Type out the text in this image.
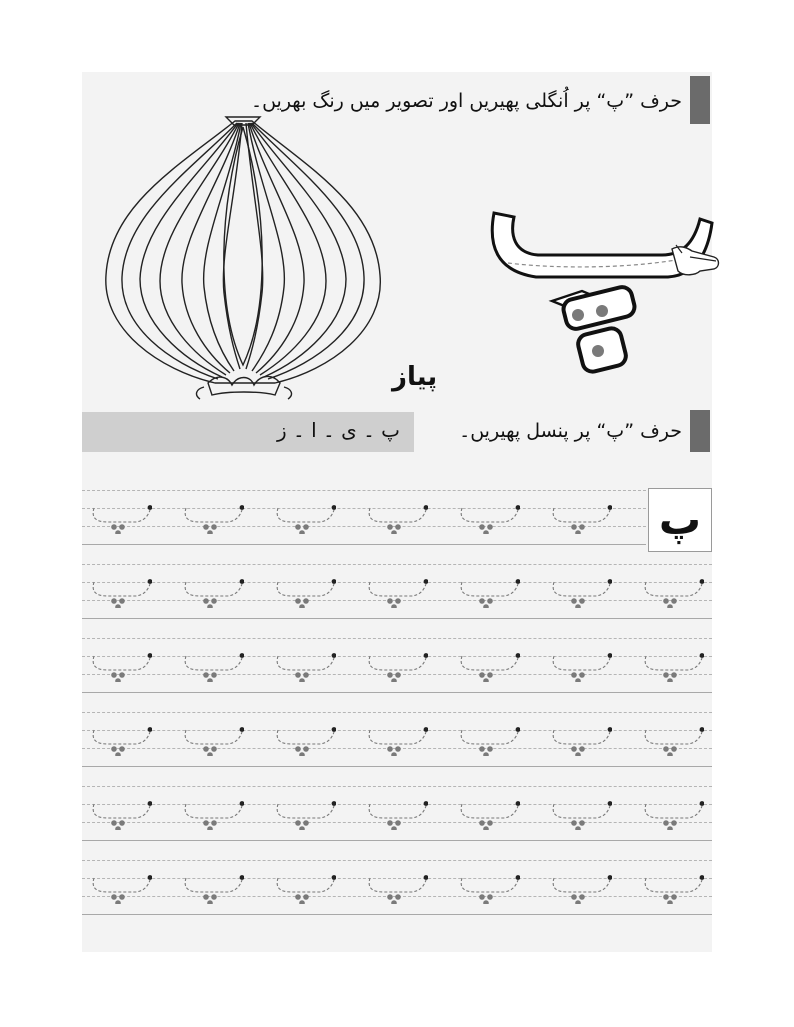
حرف ”پ“ پر اُنگلی پھیریں اور تصویر میں رنگ بھریں۔
پیاز
پ ۔ ی ۔ ا ۔ ز	حرف ”پ“ پر پنسل پھیریں۔
پ
